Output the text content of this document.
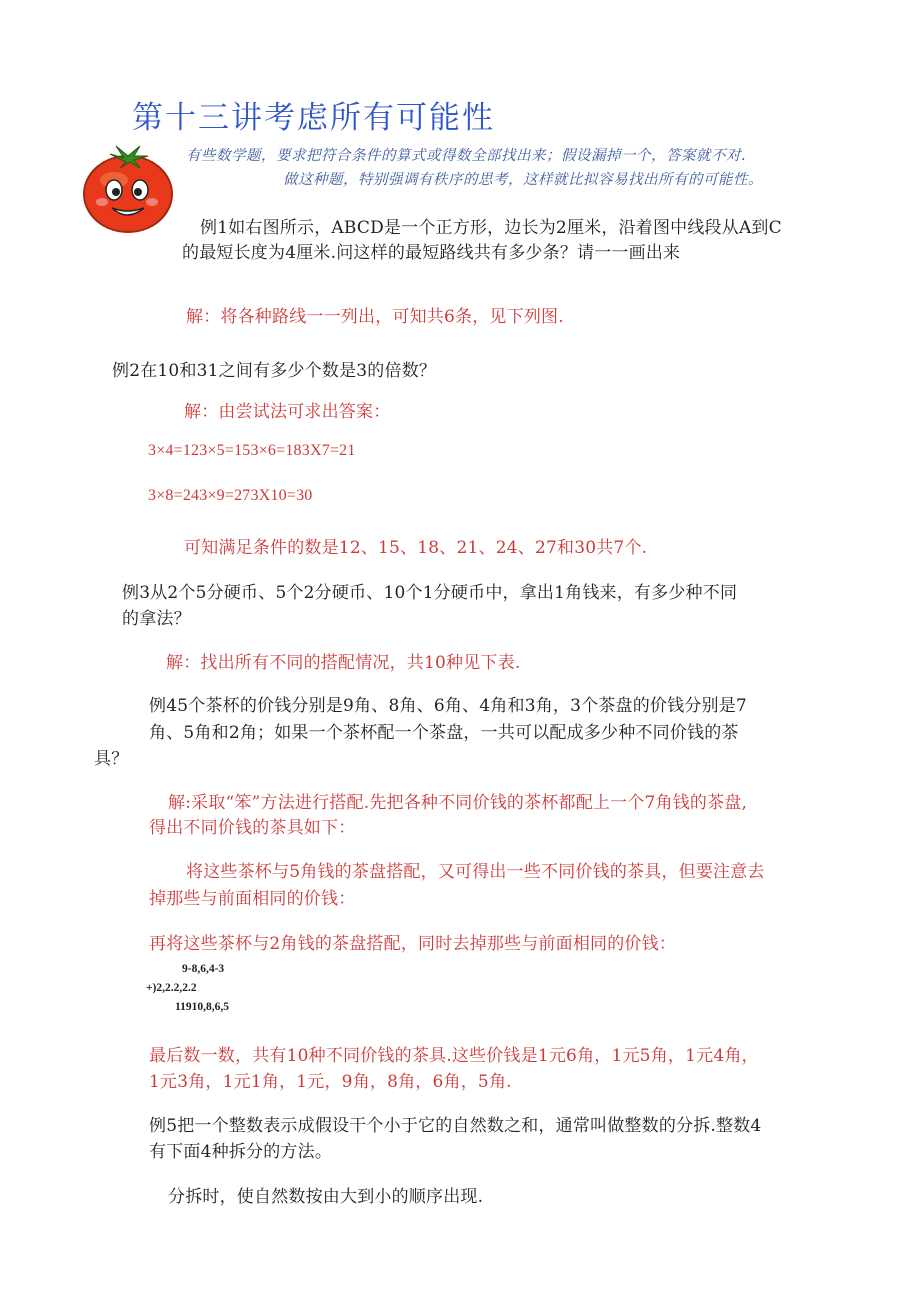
第十三讲考虑所有可能性
有些数学题，要求把符合条件的算式或得数全部找出来；假设漏掉一个，答案就不对.
做这种题，特别强调有秩序的思考，这样就比拟容易找出所有的可能性。
例1如右图所示，ABCD是一个正方形，边长为2厘米，沿着图中线段从A到C
的最短长度为4厘米.问这样的最短路线共有多少条？请一一画出来
解：将各种路线一一列出，可知共6条，见下列图.
例2在10和31之间有多少个数是3的倍数？
解：由尝试法可求出答案：
3×4=123×5=153×6=183X7=21
3×8=243×9=273X10=30
可知满足条件的数是12、15、18、21、24、27和30共7个.
例3从2个5分硬币、5个2分硬币、10个1分硬币中，拿出1角钱来，有多少种不同
的拿法？
解：找出所有不同的搭配情况，共10种见下表.
例45个茶杯的价钱分别是9角、8角、6角、4角和3角，3个茶盘的价钱分别是7
角、5角和2角；如果一个茶杯配一个茶盘，一共可以配成多少种不同价钱的茶
具？
解:采取“笨”方法进行搭配.先把各种不同价钱的茶杯都配上一个7角钱的茶盘,
得出不同价钱的茶具如下：
将这些茶杯与5角钱的茶盘搭配，又可得出一些不同价钱的茶具，但要注意去
掉那些与前面相同的价钱：
再将这些茶杯与2角钱的茶盘搭配，同时去掉那些与前面相同的价钱：
9-8,6,4-3
+)2,2.2,2.2
11910,8,6,5
最后数一数，共有10种不同价钱的茶具.这些价钱是1元6角，1元5角，1元4角，
1元3角，1元1角，1元，9角，8角，6角，5角.
例5把一个整数表示成假设干个小于它的自然数之和，通常叫做整数的分拆.整数4
有下面4种拆分的方法。
分拆时，使自然数按由大到小的顺序出现.
